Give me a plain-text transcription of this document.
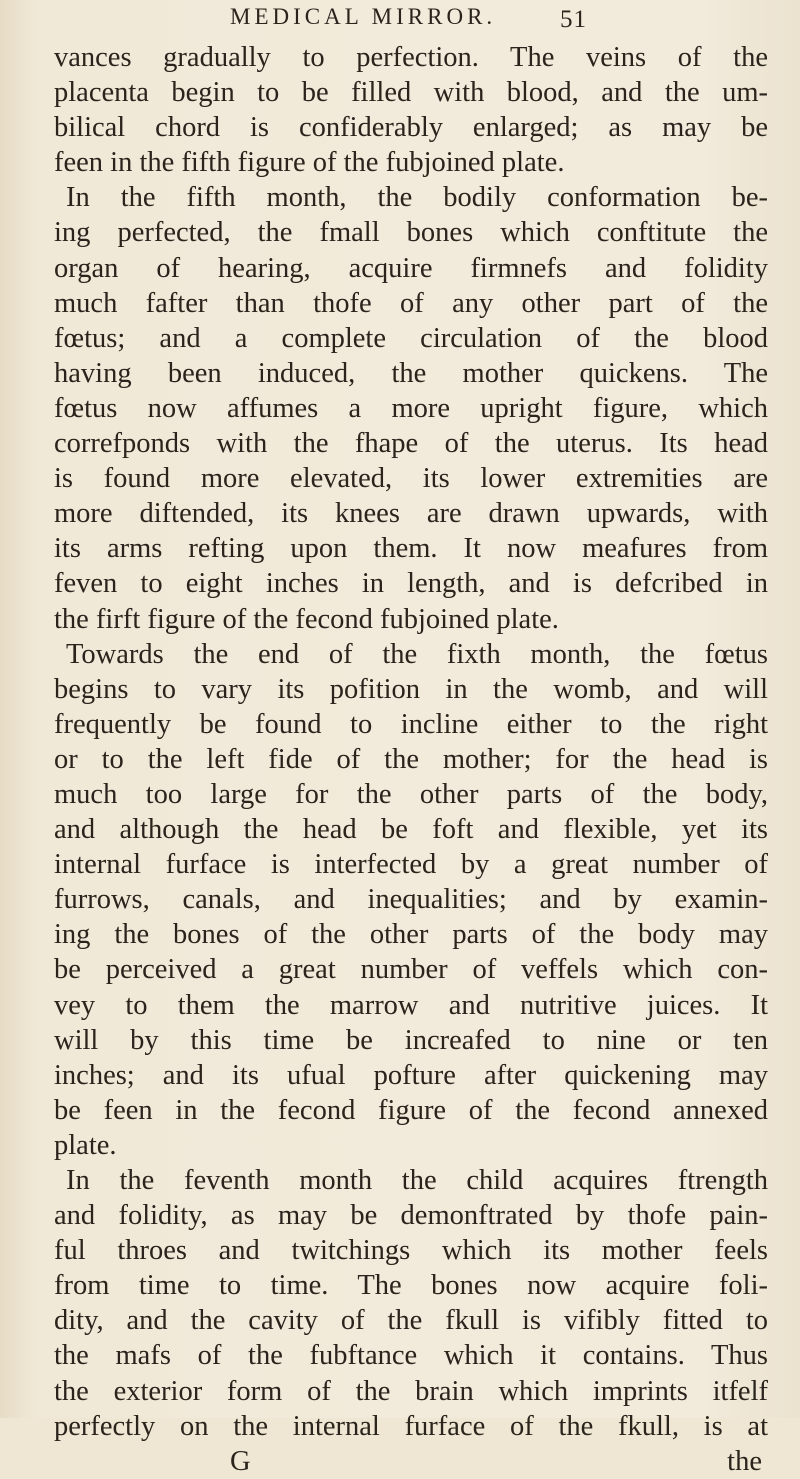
MEDICAL MIRROR.	51
vances gradually to perfection. The veins of the
placenta begin to be filled with blood, and the um-
bilical chord is confiderably enlarged; as may be
feen in the fifth figure of the fubjoined plate.
In the fifth month, the bodily conformation be-
ing perfected, the fmall bones which conftitute the
organ of hearing, acquire firmnefs and folidity
much fafter than thofe of any other part of the
fœtus; and a complete circulation of the blood
having been induced, the mother quickens. The
fœtus now affumes a more upright figure, which
correfponds with the fhape of the uterus. Its head
is found more elevated, its lower extremities are
more diftended, its knees are drawn upwards, with
its arms refting upon them. It now meafures from
feven to eight inches in length, and is defcribed in
the firft figure of the fecond fubjoined plate.
Towards the end of the fixth month, the fœtus
begins to vary its pofition in the womb, and will
frequently be found to incline either to the right
or to the left fide of the mother; for the head is
much too large for the other parts of the body,
and although the head be foft and flexible, yet its
internal furface is interfected by a great number of
furrows, canals, and inequalities; and by examin-
ing the bones of the other parts of the body may
be perceived a great number of veffels which con-
vey to them the marrow and nutritive juices. It
will by this time be increafed to nine or ten
inches; and its ufual pofture after quickening may
be feen in the fecond figure of the fecond annexed
plate.
In the feventh month the child acquires ftrength
and folidity, as may be demonftrated by thofe pain-
ful throes and twitchings which its mother feels
from time to time. The bones now acquire foli-
dity, and the cavity of the fkull is vifibly fitted to
the mafs of the fubftance which it contains. Thus
the exterior form of the brain which imprints itfelf
perfectly on the internal furface of the fkull, is at
G	the
